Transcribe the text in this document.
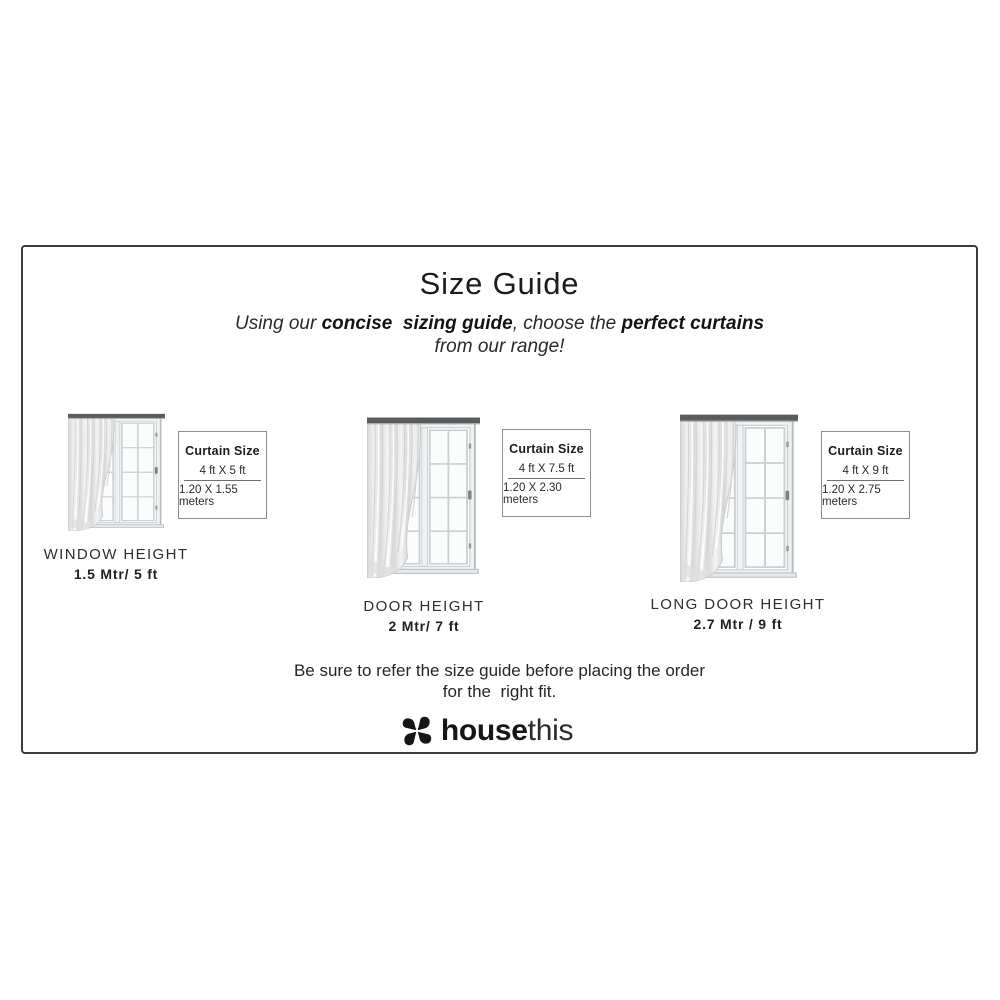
Size Guide

Using our concise  sizing guide, choose the perfect curtains
from our range!

WINDOW HEIGHT
1.5 Mtr/ 5 ft
Curtain Size
4 ft X 5 ft
1.20 X 1.55 meters
DOOR HEIGHT
2 Mtr/ 7 ft
Curtain Size
4 ft X 7.5 ft
1.20 X 2.30 meters
LONG DOOR HEIGHT
2.7 Mtr / 9 ft
Curtain Size
4 ft X 9 ft
1.20 X 2.75 meters

Be sure to refer the size guide before placing the order
for the  right fit.

housethis
